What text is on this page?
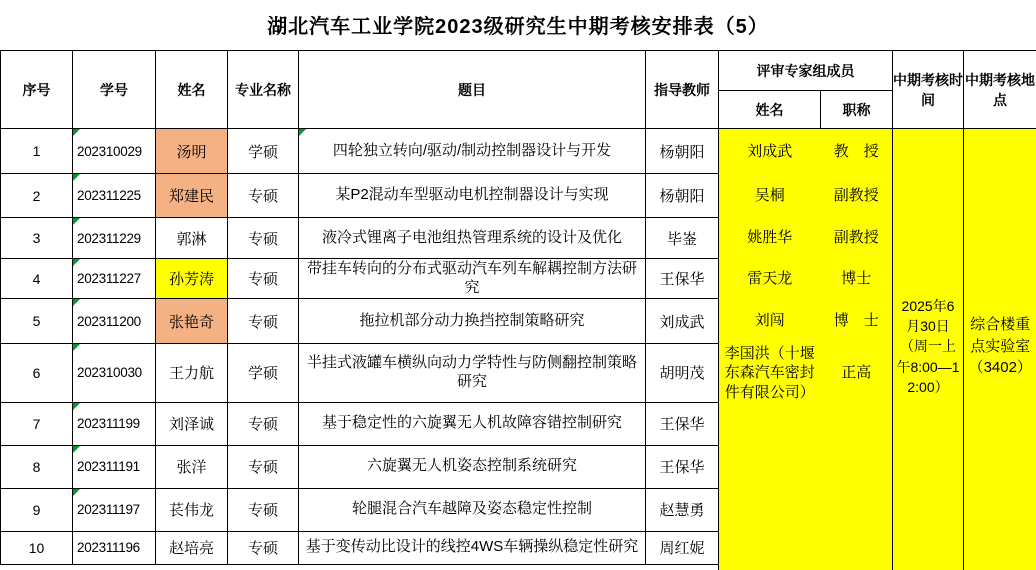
湖北汽车工业学院2023级研究生中期考核安排表（5）
序号	学号	姓名	专业名称	题目	指导教师	评审专家组成员		中期考核时间	中期考核地点
						姓名	职称		
1	202310029	汤明	学硕	四轮独立转向/驱动/制动控制器设计与开发	杨朝阳	刘成武	教　授	2025年6月30日（周一上午8:00—12:00）	综合楼重点实验室（3402）
2	202311225	郑建民	专硕	某P2混动车型驱动电机控制器设计与实现	杨朝阳	吴桐	副教授		
3	202311229	郭淋	专硕	液冷式锂离子电池组热管理系统的设计及优化	毕崟	姚胜华	副教授		
4	202311227	孙芳涛	专硕	带挂车转向的分布式驱动汽车列车解耦控制方法研究	王保华	雷天龙	博士		
5	202311200	张艳奇	专硕	拖拉机部分动力换挡控制策略研究	刘成武	刘闯	博　士		
6	202310030	王力航	学硕	半挂式液罐车横纵向动力学特性与防侧翻控制策略研究	胡明茂	李国洪（十堰东森汽车密封件有限公司）	正高		
7	202311199	刘泽诚	专硕	基于稳定性的六旋翼无人机故障容错控制研究	王保华				
8	202311191	张洋	专硕	六旋翼无人机姿态控制系统研究	王保华				
9	202311197	苌伟龙	专硕	轮腿混合汽车越障及姿态稳定性控制	赵慧勇				
10	202311196	赵培亮	专硕	基于变传动比设计的线控4WS车辆操纵稳定性研究	周红妮				
